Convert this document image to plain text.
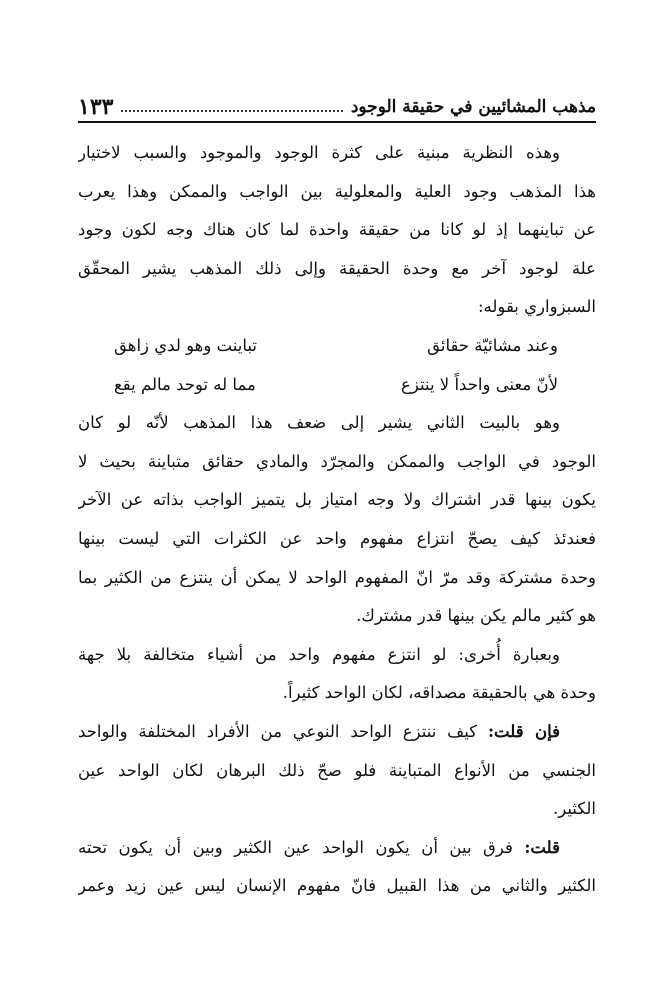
مذهب المشائيين في حقيقة الوجود
١٣٣
وهذه النظرية مبنية على كثرة الوجود والموجود والسبب لاختيار
هذا المذهب وجود العلية والمعلولية بين الواجب والممكن وهذا يعرب
عن تباينهما إذ لو كانا من حقيقة واحدة لما كان هناك وجه لكون وجود
علة لوجود آخر مع وحدة الحقيقة وإلى ذلك المذهب يشير المحقّق
السبزواري بقوله:
وعند مشائيّة حقائق
تباينت وهو لدي زاهق
لأنّ معنى واحداً لا ينتزع
مما له توحد مالم يقع
وهو بالبيت الثاني يشير إلى ضعف هذا المذهب لأنّه لو كان
الوجود في الواجب والممكن والمجرّد والمادي حقائق متباينة بحيث لا
يكون بينها قدر اشتراك ولا وجه امتياز بل يتميز الواجب بذاته عن الآخر
فعندئذ كيف يصحّ انتزاع مفهوم واحد عن الكثرات التي ليست بينها
وحدة مشتركة وقد مرّ انّ المفهوم الواحد لا يمكن أن ينتزع من الكثير بما
هو كثير مالم يكن بينها قدر مشترك.
وبعبارة أُخرى: لو انتزع مفهوم واحد من أشياء متخالفة بلا جهة
وحدة هي بالحقيقة مصداقه، لكان الواحد كثيراً.
فإن قلت: كيف ننتزع الواحد النوعي من الأفراد المختلفة والواحد
الجنسي من الأنواع المتباينة فلو صحّ ذلك البرهان لكان الواحد عين
الكثير.
قلت: فرق بين أن يكون الواحد عين الكثير وبين أن يكون تحته
الكثير والثاني من هذا القبيل فانّ مفهوم الإنسان ليس عين زيد وعمر
